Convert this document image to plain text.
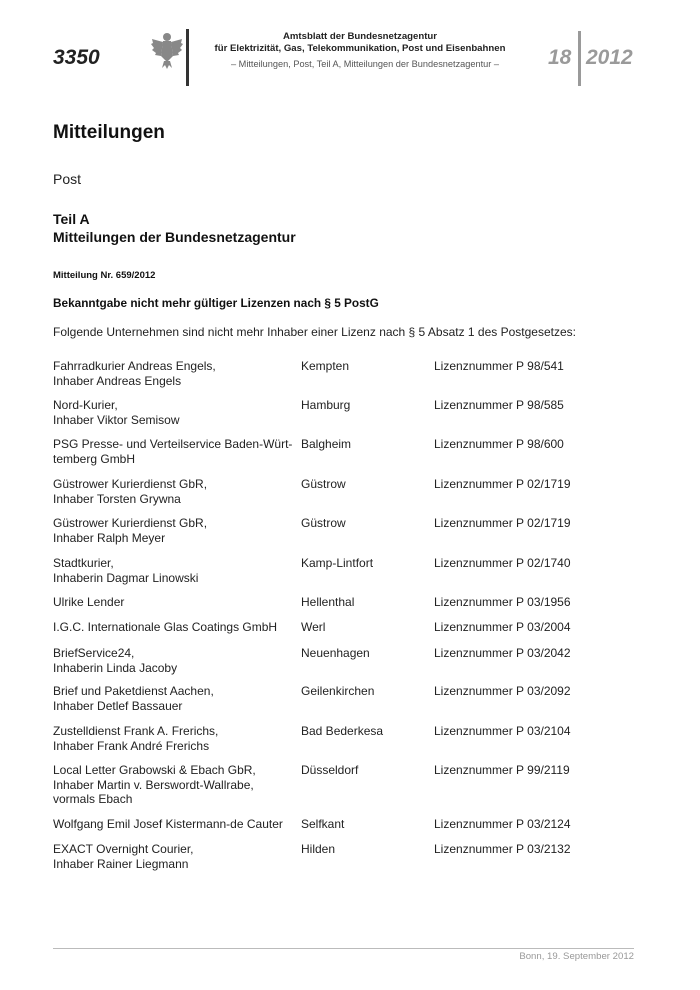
3350
Amtsblatt der Bundesnetzagentur
für Elektrizität, Gas, Telekommunikation, Post und Eisenbahnen
– Mitteilungen, Post, Teil A, Mitteilungen der Bundesnetzagentur –	18 2012
Mitteilungen
Post
Teil A
Mitteilungen der Bundesnetzagentur
Mitteilung Nr. 659/2012
Bekanntgabe nicht mehr gültiger Lizenzen nach § 5 PostG
Folgende Unternehmen sind nicht mehr Inhaber einer Lizenz nach § 5 Absatz 1 des Postgesetzes:
Fahrradkurier Andreas Engels,
Inhaber Andreas Engels
Kempten	Lizenznummer P 98/541
Nord-Kurier,
Inhaber Viktor Semisow
Hamburg	Lizenznummer P 98/585
PSG Presse- und Verteilservice Baden-Würt-
temberg GmbH
Balgheim	Lizenznummer P 98/600
Güstrower Kurierdienst GbR,
Inhaber Torsten Grywna
Güstrow	Lizenznummer P 02/1719
Güstrower Kurierdienst GbR,
Inhaber Ralph Meyer
Güstrow	Lizenznummer P 02/1719
Stadtkurier,
Inhaberin Dagmar Linowski
Kamp-Lintfort	Lizenznummer P 02/1740
Ulrike Lender	Hellenthal	Lizenznummer P 03/1956
I.G.C. Internationale Glas Coatings GmbH	Werl	Lizenznummer P 03/2004
BriefService24,
Inhaberin Linda Jacoby
Neuenhagen	Lizenznummer P 03/2042
Brief und Paketdienst Aachen,
Inhaber Detlef Bassauer
Geilenkirchen	Lizenznummer P 03/2092
Zustelldienst Frank A. Frerichs,
Inhaber Frank André Frerichs
Bad Bederkesa	Lizenznummer P 03/2104
Local Letter Grabowski & Ebach GbR,
Inhaber Martin v. Berswordt-Wallrabe,
vormals Ebach
Düsseldorf	Lizenznummer P 99/2119
Wolfgang Emil Josef Kistermann-de Cauter	Selfkant	Lizenznummer P 03/2124
EXACT Overnight Courier,
Inhaber Rainer Liegmann
Hilden	Lizenznummer P 03/2132
Bonn, 19. September 2012
